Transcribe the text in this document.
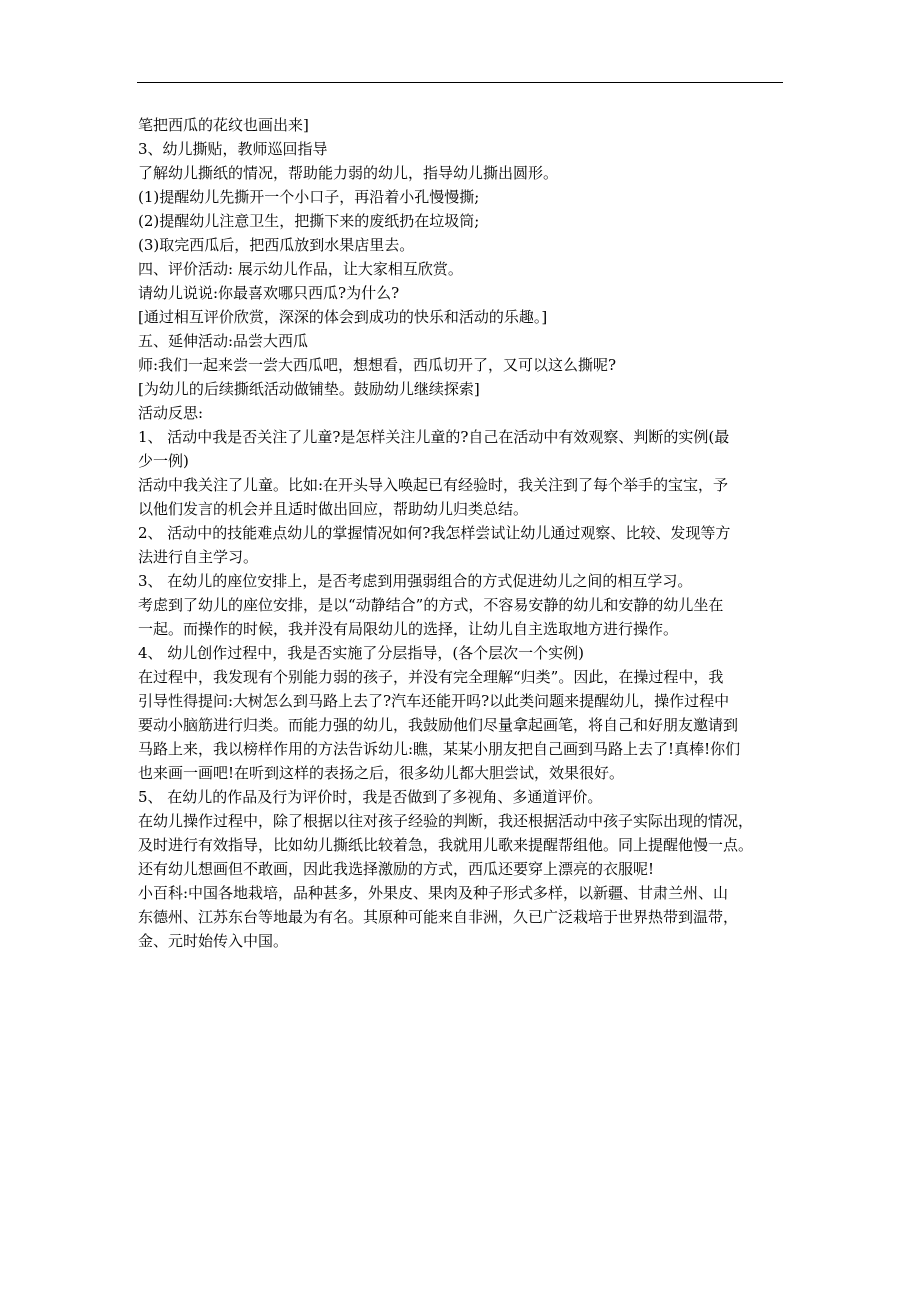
笔把西瓜的花纹也画出来]

3、幼儿撕贴，教师巡回指导

了解幼儿撕纸的情况，帮助能力弱的幼儿，指导幼儿撕出圆形。

(1)提醒幼儿先撕开一个小口子，再沿着小孔慢慢撕;

(2)提醒幼儿注意卫生，把撕下来的废纸扔在垃圾筒;

(3)取完西瓜后，把西瓜放到水果店里去。

四、评价活动: 展示幼儿作品，让大家相互欣赏。

请幼儿说说:你最喜欢哪只西瓜?为什么?

[通过相互评价欣赏，深深的体会到成功的快乐和活动的乐趣。]

五、延伸活动:品尝大西瓜

师:我们一起来尝一尝大西瓜吧，想想看，西瓜切开了，又可以这么撕呢?

[为幼儿的后续撕纸活动做铺垫。鼓励幼儿继续探索]

活动反思:

1、 活动中我是否关注了儿童?是怎样关注儿童的?自己在活动中有效观察、判断的实例(最

少一例)

活动中我关注了儿童。比如:在开头导入唤起已有经验时，我关注到了每个举手的宝宝，予

以他们发言的机会并且适时做出回应，帮助幼儿归类总结。

2、 活动中的技能难点幼儿的掌握情况如何?我怎样尝试让幼儿通过观察、比较、发现等方

法进行自主学习。

3、 在幼儿的座位安排上，是否考虑到用强弱组合的方式促进幼儿之间的相互学习。

考虑到了幼儿的座位安排，是以“动静结合”的方式，不容易安静的幼儿和安静的幼儿坐在

一起。而操作的时候，我并没有局限幼儿的选择，让幼儿自主选取地方进行操作。

4、 幼儿创作过程中，我是否实施了分层指导，(各个层次一个实例)

在过程中，我发现有个别能力弱的孩子，并没有完全理解“归类”。因此，在操过程中，我

引导性得提问:大树怎么到马路上去了?汽车还能开吗?以此类问题来提醒幼儿，操作过程中

要动小脑筋进行归类。而能力强的幼儿，我鼓励他们尽量拿起画笔，将自己和好朋友邀请到

马路上来，我以榜样作用的方法告诉幼儿:瞧，某某小朋友把自己画到马路上去了!真棒!你们

也来画一画吧!在听到这样的表扬之后，很多幼儿都大胆尝试，效果很好。

5、 在幼儿的作品及行为评价时，我是否做到了多视角、多通道评价。

在幼儿操作过程中，除了根据以往对孩子经验的判断，我还根据活动中孩子实际出现的情况，

及时进行有效指导，比如幼儿撕纸比较着急，我就用儿歌来提醒帮组他。同上提醒他慢一点。

还有幼儿想画但不敢画，因此我选择激励的方式，西瓜还要穿上漂亮的衣服呢!

小百科:中国各地栽培，品种甚多，外果皮、果肉及种子形式多样，以新疆、甘肃兰州、山

东德州、江苏东台等地最为有名。其原种可能来自非洲，久已广泛栽培于世界热带到温带，

金、元时始传入中国。
